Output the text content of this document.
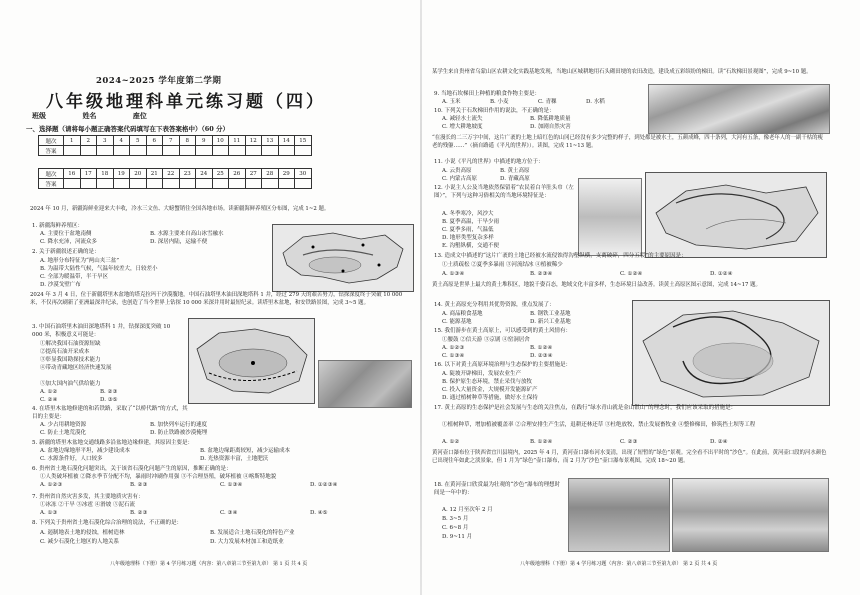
2024~2025 学年度第二学期
八年级地理科单元练习题（四）
班级	姓名	座位
一、选择题（请将每小题正确答案代码填写在下表答案格中）（60 分）
题次	1	2	3	4	5	6	7	8	9	10	11	12	13	14	15
答案															
题次	16	17	18	19	20	21	22	23	24	25	26	27	28	29	30
答案															
2024 年 10 月，新疆海鲜业迎来大丰收，冷水三文鱼、大螃蟹销往全国各地市场。读新疆海鲜养殖区分布图，完成 1~2 题。
1. 新疆海鲜养殖区：
A. 主要位于盆地南侧	B. 水源主要来自高山冰雪融水
C. 降水充沛，河流众多	D. 深居内陆，运输不便
2. 关于新疆叙述正确的是：
A. 地形分布特征为“两山夹三盆”
B. 为温带大陆性气候，气温年较差大，日较差小
C. 全部为暖温带，半干旱区
D. 沙漠戈壁广布
2024 年 3 月 4 日，位于新疆塔里木盆地的塔克拉玛干沙漠腹地，中国石油塔里木油田深地塔科 1 井，经过 279 天的艰苦努力，钻探深度终于突破 10 000 米，不仅再次刷新了亚洲最深井纪录，也创造了当今世界上钻探 10 000 米深井用时最短纪录。读塔里木盆地，和安铁路景图，完成 3~5 题。
3. 中国石油塔里木油田深地塔科 1 井，钻探深度突破 10 000 米，积极意义可能是：
①解决我国石油资源短缺
②提高石油开采成本
③彰显我国勘探技术能力
④带动青藏地区经济快速发展
⑤加大国内油气供给能力
A. ①②	B. ②③
C. ②④	D. ③⑤
4. 在塔里木盆地修建的和若铁路，采取了“以桥代路”的方式，其目的主要是：
A. 少占用耕地资源	B. 加快列车运行的速度
C. 防止土地荒漠化	D. 防止铁路被沙漠掩埋
5. 新疆的塔里木盆地交通线路多沿盆地边缘修建，其原因主要是：
A. 盆地边缘地形平坦，减少建设成本	B. 盆地边缘距离较短，减少运输成本
C. 水源条件好，人口较多	D. 光热资源丰富，土地肥沃
6. 贵州省土地石漠化问题突出，关于该省石漠化问题产生的原因，推断正确的是：
①人类破坏植被 ②降水季节分配不均，暴雨时冲刷作用强 ③不合理垦殖，破坏植被 ④喀斯特地貌
A. ①②③	B. ②③	C. ①③④	D. ①②③④
7. 贵州省自然灾害多发，其主要地质灾害有：
①冰冻 ②干旱 ③冰雹 ④滑坡 ⑤泥石流
A. ①③	B. ②③	C. ③④	D. ④⑤
8. 下列关于贵州省土地石漠化综合治理的说法，不正确的是：
A. 遏制地表土地的侵蚀，植树造林	B. 发展适合土地石漠化的特色产业
C. 减少石漠化土地区的人地关系	D. 大力发展木材加工和造纸业
八年级地理科（下册）第 4 学月练习题（内容：第八章第三节至第九章） 第 1 页 共 4 页
某学生来自贵州省乌蒙山区农耕文化实践基地发现，当地山区城耕地用石头砌田埂的农田改造，建设成五彩缤纷的梯田。读“石坎梯田景观图”，完成 9~10 题。
9. 当地石坎梯田上种植的粮食作物主要是：
A. 玉米	B. 小麦	C. 青稞	D. 水稻
10. 下列关于石坎梯田作用的说法，不正确的是：
A. 减轻水土流失	B. 降低耕地质量
C. 增大耕地坡度	D. 加剧自然灾害
“在漫长的二三万字中间，这片广袤的土地上暗红色的山冈已经没有多少完整的样子，到处都是被水土，五颜成峰，四十条列，大河有五条，像老年人的一副干枯的瘦老的残躯……”（摘自路遥《平凡的世界》）。读图，完成 11~13 题。
11. 小说《平凡的世界》中描述的地方位于：
A. 云贵高原	B. 黄土高原
C. 内蒙古高原	D. 青藏高原
12. 小说主人公及当地依然保留着“农民着白羊肚头巾（左图）”，下列与这种习俗相关的当地环境特征是：
A. 冬季寒冷，风沙大
B. 夏季高温，干旱少雨
C. 夏季多雨，气温低
D. 地形类型复杂多样
E. 沟壑纵横，交通不便
13. 造成文中描述的“这片广袤的土地已经被水流侵蚀得沟壑纵横，支离破碎，四分五裂”的主要原因是：
①土质疏松 ②夏季多暴雨 ③河流结冰 ④植被稀少
A. ①③④	B. ②③④	C. ①②④	D. ①②④
黄土高原是世界上最大的黄土堆积区，地貌千姿百态，地域文化丰富多样，生态环境日益改善。读黄土高原区图示意图，完成 14~17 题。
14. 黄土高原充分利用其优势资源，重点发展了：
A. 商品粮食基地	B. 钢铁工业基地
C. 能源基地	D. 新兴工业基地
15. 我们游步在黄土高原上，可以感受到的黄土风情有：
①腰鼓 ②信天游 ③京剧 ④窑洞居舍
A. ①②③	B. ①②④
C. ①③④	D. ②③④
16. 以下对黄土高原环境治理与生态保护的主要措施是：
A. 陡坡开辟梯田，发展农业生产
B. 保护原生态环境，禁止采伐与放牧
C. 投入大量资金，大规模开发能源矿产
D. 通过植树种草等措施，做好水土保持
17. 黄土高原的生态保护是社会发展与生态的关注焦点，在践行“绿水青山就是金山银山”的理念时，我们应该采取的措施是：
①植树种草，增加植被覆盖率 ②合理安排生产生活，退耕还林还草 ③杜绝放牧，禁止发展畜牧业 ④整修梯田，修筑挡土坝等工程
A. ①②	B. ①②④	C. ②③	D. ②④
黄河壶口瀑布位于陕西省宜川县境内，2025 年 4 月，黄河壶口瀑布河水变清，出现了短暂的“绿色”景观。完全看不出平时的“沙色”。在此前，黄河壶口段的河水颜色已出现往年如此之淡景象，但 1 月为“绿色”壶口瀑布，而 2 月为“沙色”壶口瀑布景观图，完成 18~20 题。
18. 在黄河壶口欣赏最为壮观的“沙色”瀑布的理想时间是一年中的：
A. 12 月至次年 2 月
B. 3~5 月
C. 6~8 月
D. 9~11 月
八年级地理科（下册）第 4 学月练习题（内容：第八章第三节至第九章） 第 2 页 共 4 页
